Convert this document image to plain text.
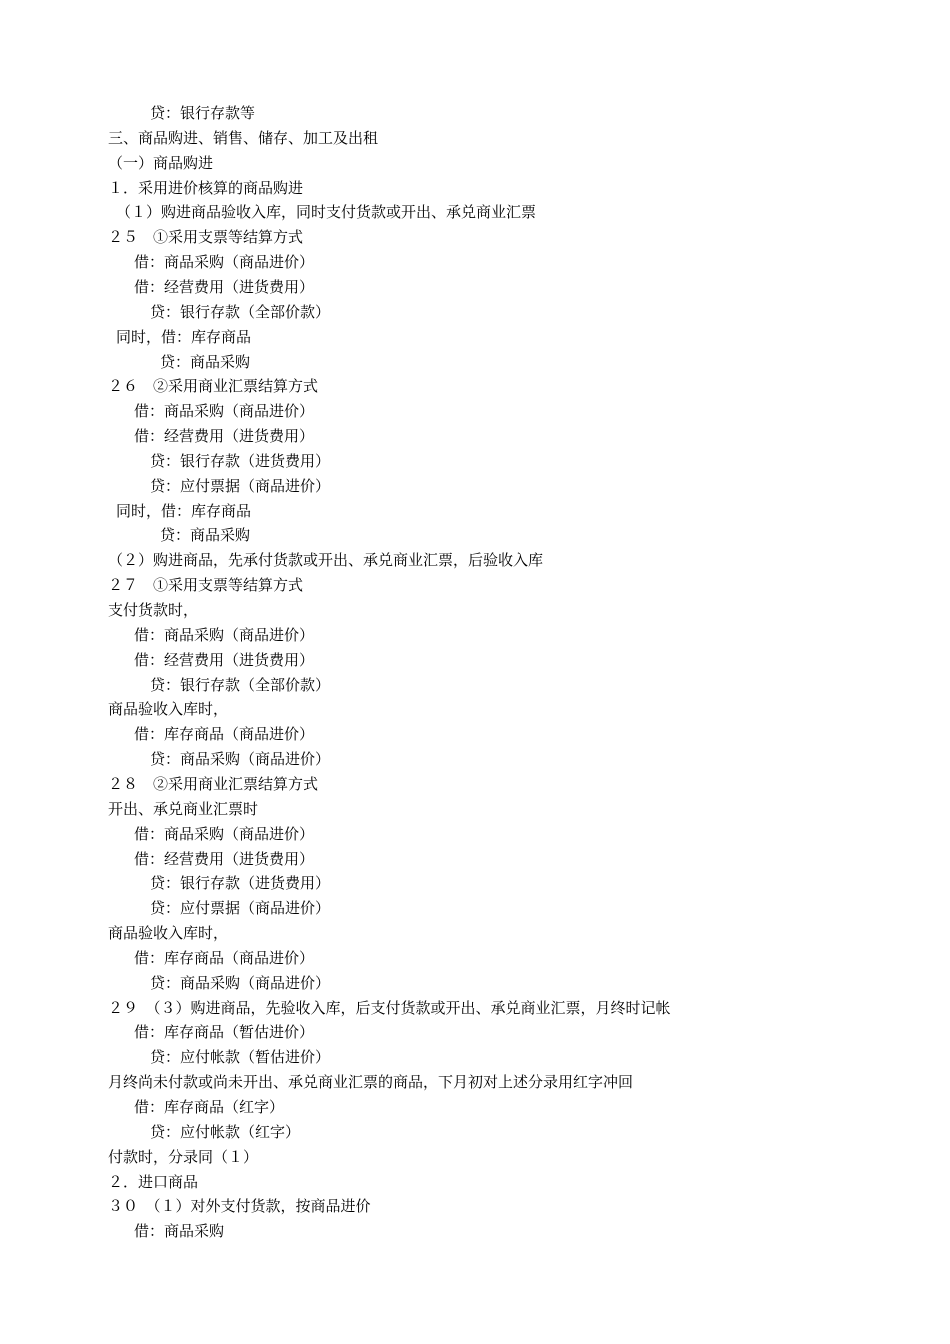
贷：银行存款等
三、商品购进、销售、储存、加工及出租
（一）商品购进
１．采用进价核算的商品购进
（１）购进商品验收入库，同时支付货款或开出、承兑商业汇票
２５　①采用支票等结算方式
借：商品采购（商品进价）
借：经营费用（进货费用）
贷：银行存款（全部价款）
同时，借：库存商品
贷：商品采购
２６　②采用商业汇票结算方式
借：商品采购（商品进价）
借：经营费用（进货费用）
贷：银行存款（进货费用）
贷：应付票据（商品进价）
同时，借：库存商品
贷：商品采购
（２）购进商品，先承付货款或开出、承兑商业汇票，后验收入库
２７　①采用支票等结算方式
支付货款时，
借：商品采购（商品进价）
借：经营费用（进货费用）
贷：银行存款（全部价款）
商品验收入库时，
借：库存商品（商品进价）
贷：商品采购（商品进价）
２８　②采用商业汇票结算方式
开出、承兑商业汇票时
借：商品采购（商品进价）
借：经营费用（进货费用）
贷：银行存款（进货费用）
贷：应付票据（商品进价）
商品验收入库时，
借：库存商品（商品进价）
贷：商品采购（商品进价）
２９　（３）购进商品，先验收入库，后支付货款或开出、承兑商业汇票，月终时记帐
借：库存商品（暂估进价）
贷：应付帐款（暂估进价）
月终尚未付款或尚未开出、承兑商业汇票的商品，下月初对上述分录用红字冲回
借：库存商品（红字）
贷：应付帐款（红字）
付款时，分录同（１）
２．进口商品
３０　（１）对外支付货款，按商品进价
借：商品采购
